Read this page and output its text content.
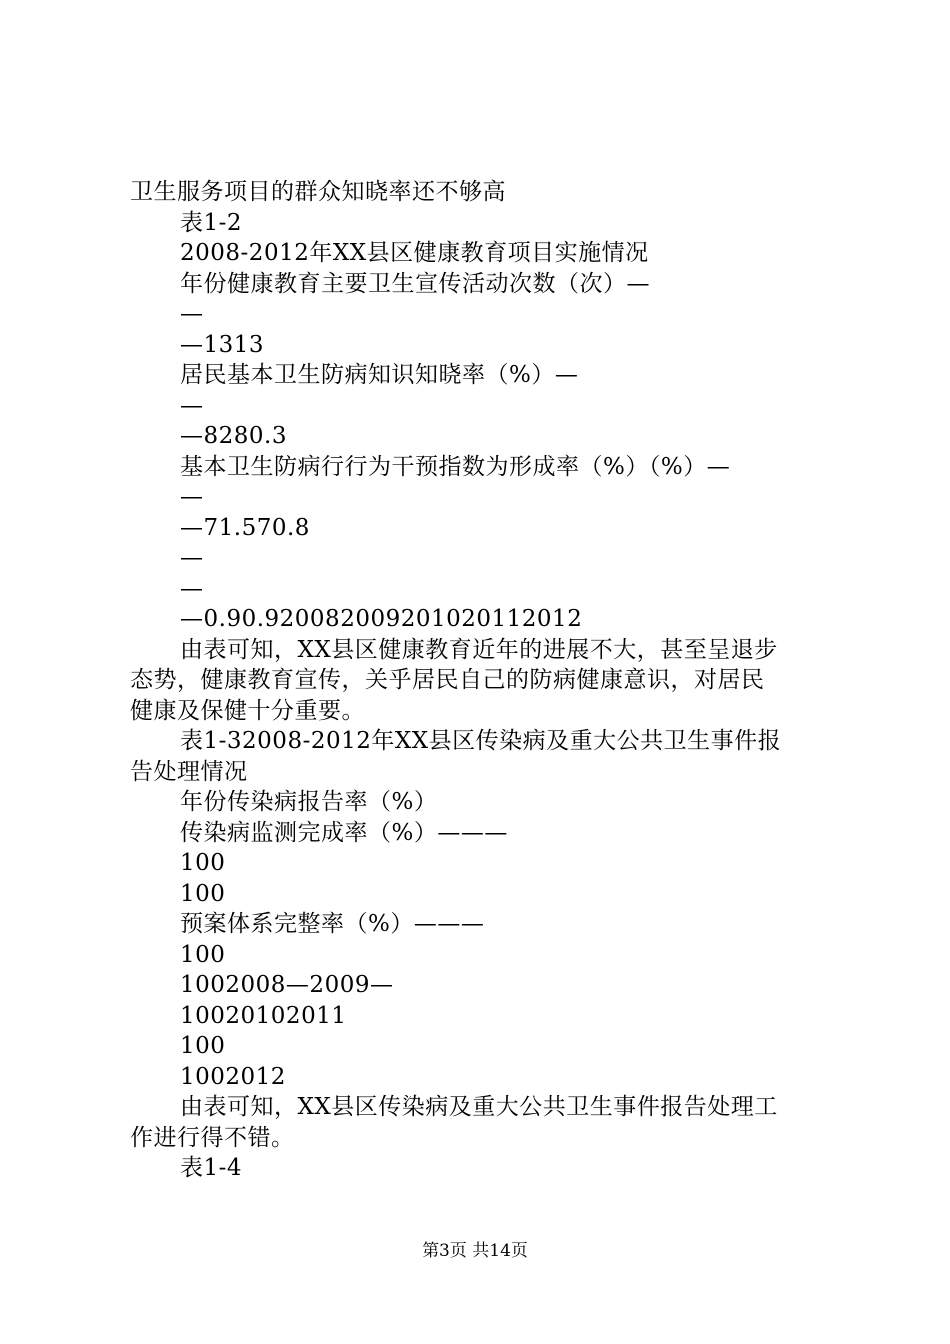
卫生服务项目的群众知晓率还不够高
表1-2
2008-2012年XX县区健康教育项目实施情况
年份健康教育主要卫生宣传活动次数（次）—
—
—1313
居民基本卫生防病知识知晓率（%）—
—
—8280.3
基本卫生防病行行为干预指数为形成率（%）（%）—
—
—71.570.8
—
—
—0.90.920082009201020112012
由表可知，XX县区健康教育近年的进展不大，甚至呈退步
态势，健康教育宣传，关乎居民自己的防病健康意识，对居民
健康及保健十分重要。
表1-32008-2012年XX县区传染病及重大公共卫生事件报
告处理情况
年份传染病报告率（%）
传染病监测完成率（%）———
100
100
预案体系完整率（%）———
100
1002008—2009—
10020102011
100
1002012
由表可知，XX县区传染病及重大公共卫生事件报告处理工
作进行得不错。
表1-4
第3页 共14页
